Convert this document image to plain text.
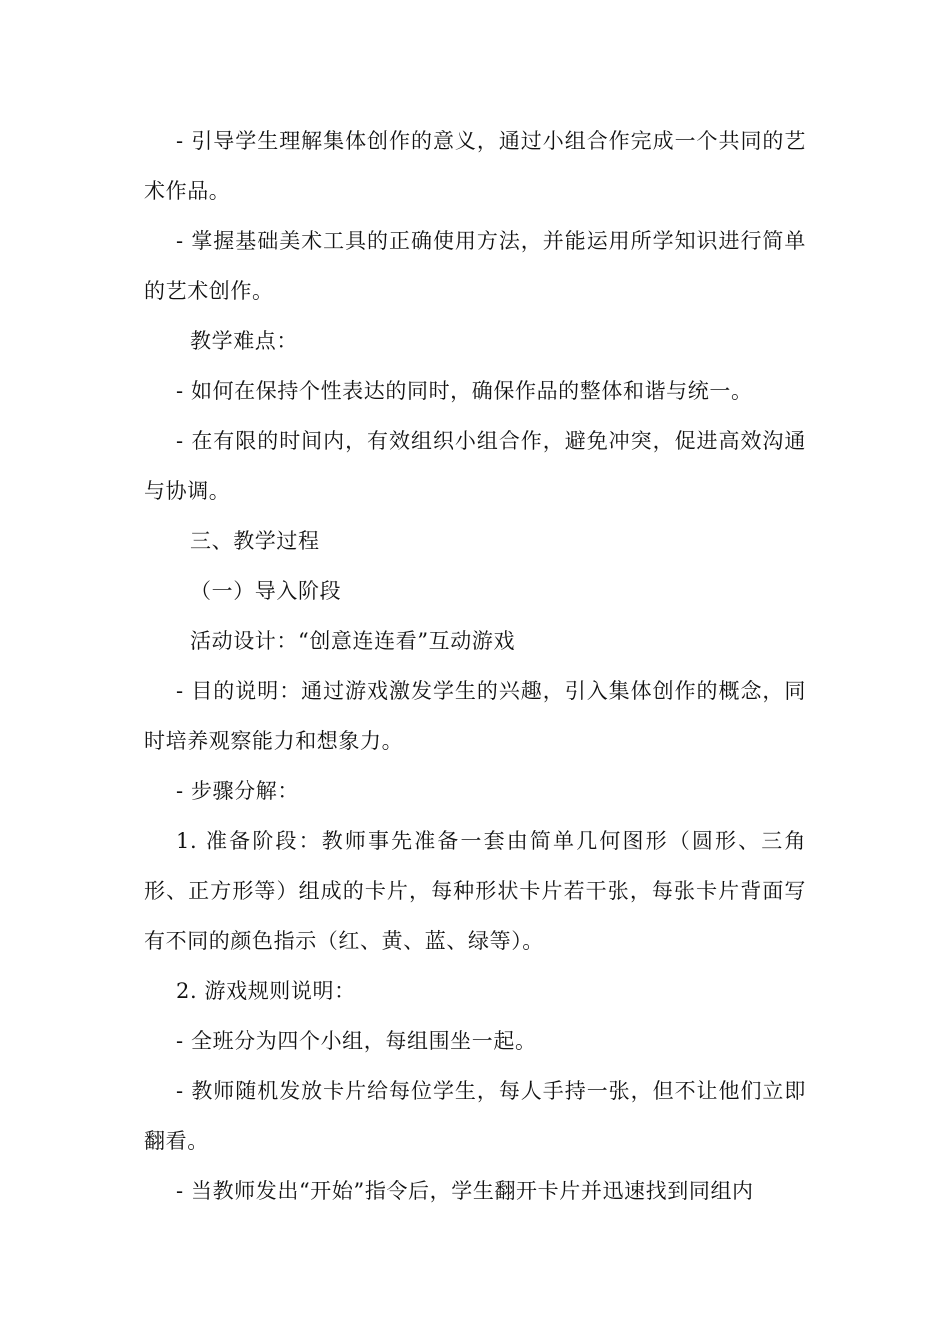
- 引导学生理解集体创作的意义，通过小组合作完成一个共同的艺术作品。

- 掌握基础美术工具的正确使用方法，并能运用所学知识进行简单的艺术创作。

教学难点：

- 如何在保持个性表达的同时，确保作品的整体和谐与统一。

- 在有限的时间内，有效组织小组合作，避免冲突，促进高效沟通与协调。

三、教学过程

（一）导入阶段

活动设计：“创意连连看”互动游戏

- 目的说明：通过游戏激发学生的兴趣，引入集体创作的概念，同时培养观察能力和想象力。

- 步骤分解：

1. 准备阶段：教师事先准备一套由简单几何图形（圆形、三角形、正方形等）组成的卡片，每种形状卡片若干张，每张卡片背面写有不同的颜色指示（红、黄、蓝、绿等）。

2. 游戏规则说明：

- 全班分为四个小组，每组围坐一起。

- 教师随机发放卡片给每位学生，每人手持一张，但不让他们立即翻看。

- 当教师发出“开始”指令后，学生翻开卡片并迅速找到同组内
